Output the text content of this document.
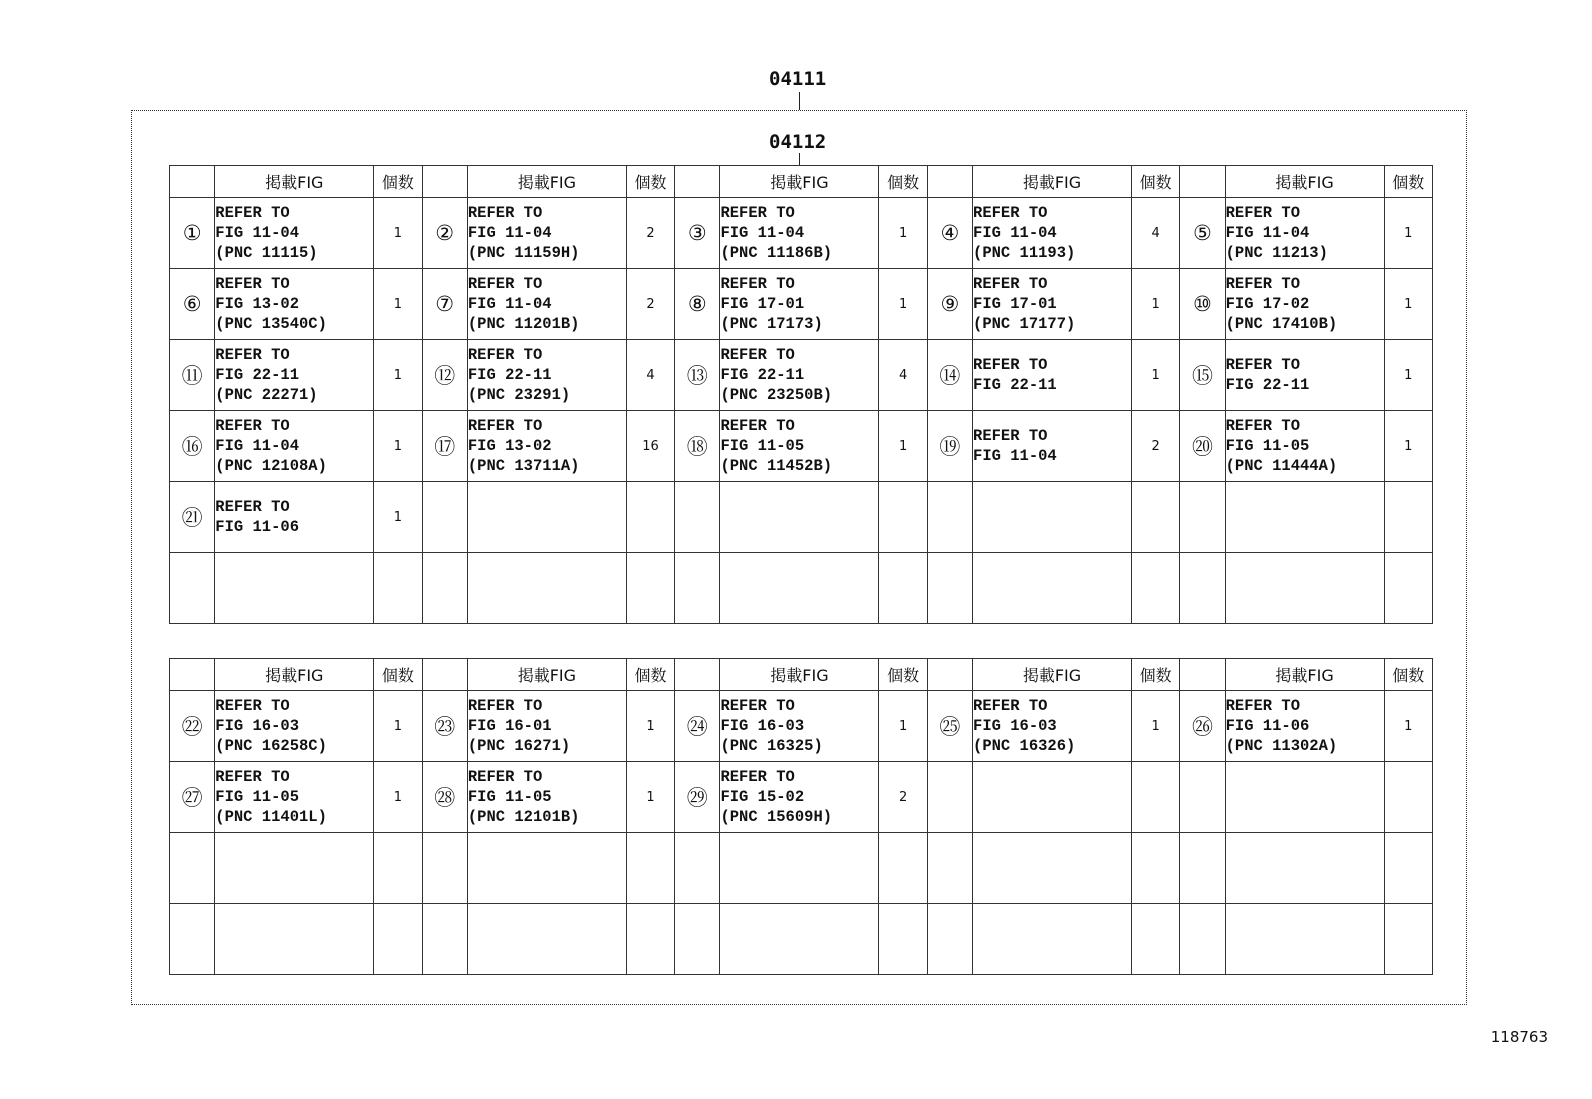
04111
04112
	掲載FIG	個数		掲載FIG	個数		掲載FIG	個数		掲載FIG	個数		掲載FIG	個数
①	REFER TO
FIG 11-04
(PNC 11115)	1	②	REFER TO
FIG 11-04
(PNC 11159H)	2	③	REFER TO
FIG 11-04
(PNC 11186B)	1	④	REFER TO
FIG 11-04
(PNC 11193)	4	⑤	REFER TO
FIG 11-04
(PNC 11213)	1
⑥	REFER TO
FIG 13-02
(PNC 13540C)	1	⑦	REFER TO
FIG 11-04
(PNC 11201B)	2	⑧	REFER TO
FIG 17-01
(PNC 17173)	1	⑨	REFER TO
FIG 17-01
(PNC 17177)	1	⑩	REFER TO
FIG 17-02
(PNC 17410B)	1
⑪	REFER TO
FIG 22-11
(PNC 22271)	1	⑫	REFER TO
FIG 22-11
(PNC 23291)	4	⑬	REFER TO
FIG 22-11
(PNC 23250B)	4	⑭	REFER TO
FIG 22-11	1	⑮	REFER TO
FIG 22-11	1
⑯	REFER TO
FIG 11-04
(PNC 12108A)	1	⑰	REFER TO
FIG 13-02
(PNC 13711A)	16	⑱	REFER TO
FIG 11-05
(PNC 11452B)	1	⑲	REFER TO
FIG 11-04	2	⑳	REFER TO
FIG 11-05
(PNC 11444A)	1
㉑	REFER TO
FIG 11-06	1												

	掲載FIG	個数		掲載FIG	個数		掲載FIG	個数		掲載FIG	個数		掲載FIG	個数
㉒	REFER TO
FIG 16-03
(PNC 16258C)	1	㉓	REFER TO
FIG 16-01
(PNC 16271)	1	㉔	REFER TO
FIG 16-03
(PNC 16325)	1	㉕	REFER TO
FIG 16-03
(PNC 16326)	1	㉖	REFER TO
FIG 11-06
(PNC 11302A)	1
㉗	REFER TO
FIG 11-05
(PNC 11401L)	1	㉘	REFER TO
FIG 11-05
(PNC 12101B)	1	㉙	REFER TO
FIG 15-02
(PNC 15609H)	2						

118763
